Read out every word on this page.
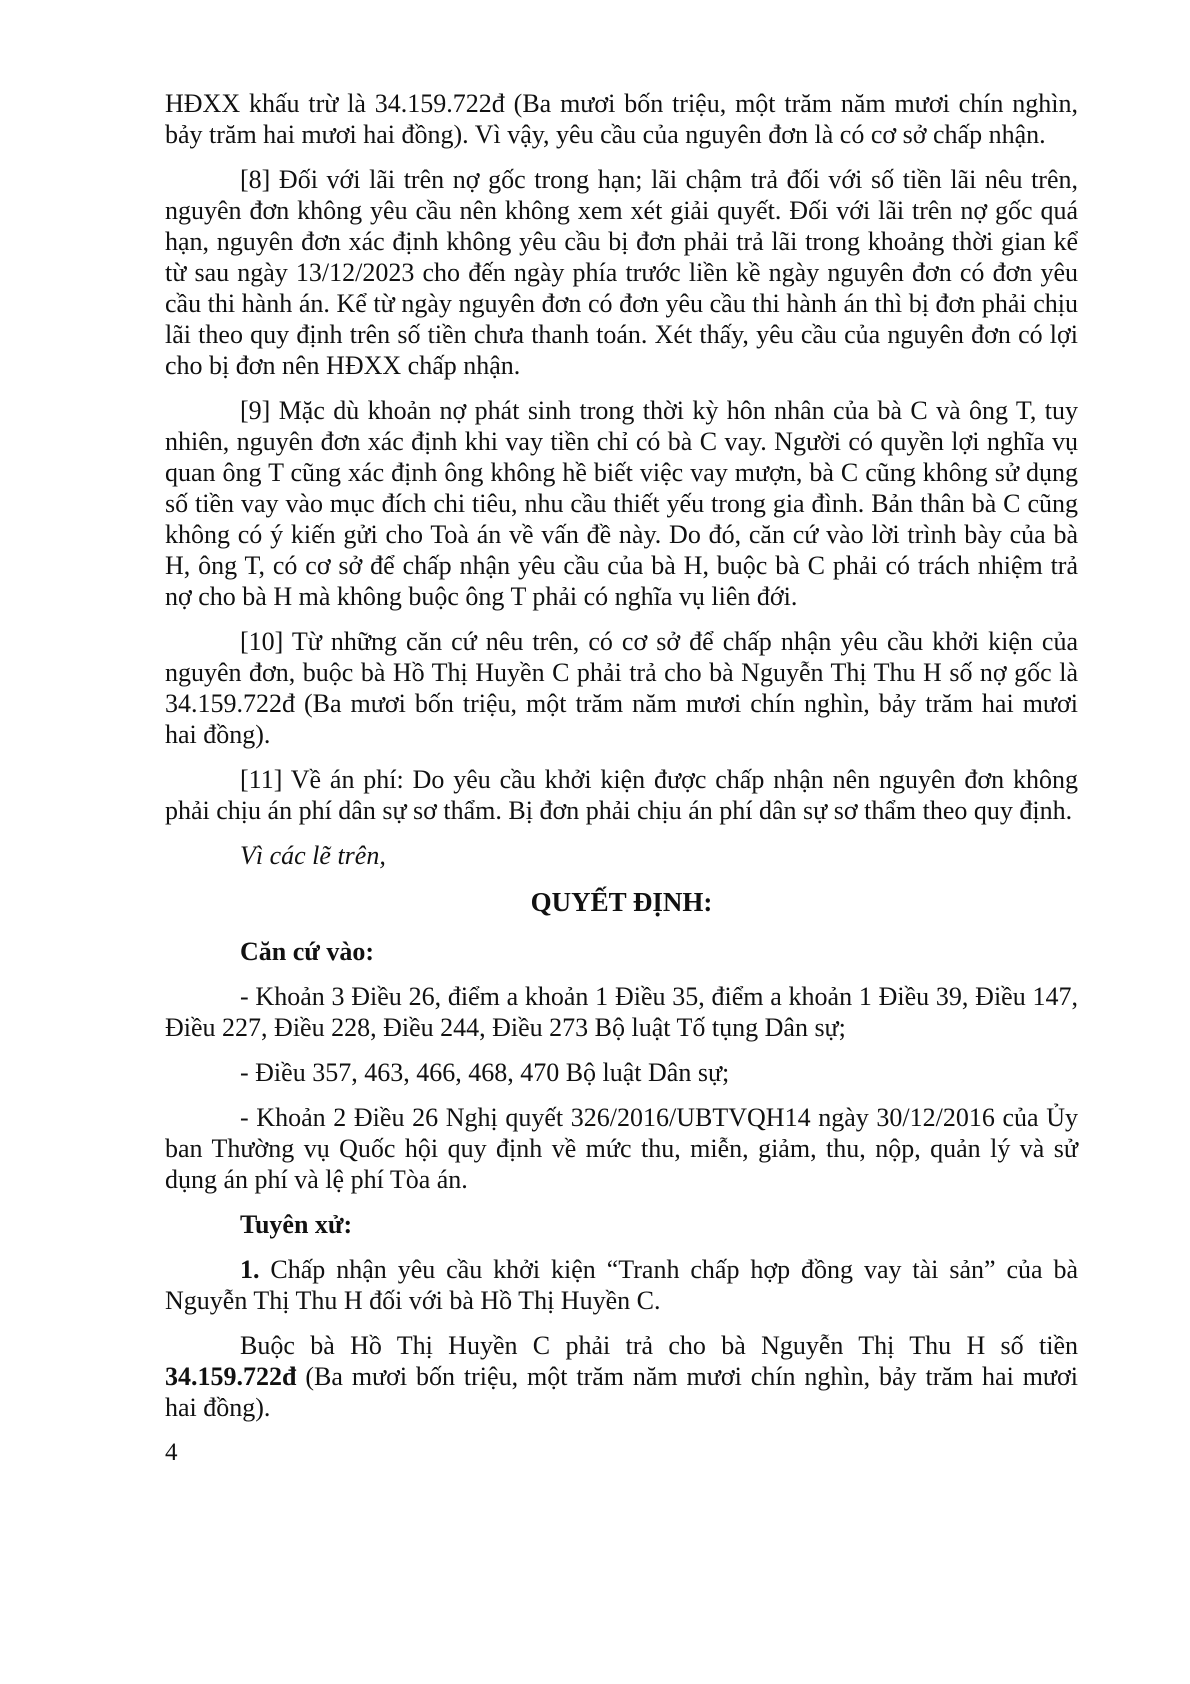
HĐXX khấu trừ là 34.159.722đ (Ba mươi bốn triệu, một trăm năm mươi chín nghìn, bảy trăm hai mươi hai đồng). Vì vậy, yêu cầu của nguyên đơn là có cơ sở chấp nhận.

[8] Đối với lãi trên nợ gốc trong hạn; lãi chậm trả đối với số tiền lãi nêu trên, nguyên đơn không yêu cầu nên không xem xét giải quyết. Đối với lãi trên nợ gốc quá hạn, nguyên đơn xác định không yêu cầu bị đơn phải trả lãi trong khoảng thời gian kể từ sau ngày 13/12/2023 cho đến ngày phía trước liền kề ngày nguyên đơn có đơn yêu cầu thi hành án. Kể từ ngày nguyên đơn có đơn yêu cầu thi hành án thì bị đơn phải chịu lãi theo quy định trên số tiền chưa thanh toán. Xét thấy, yêu cầu của nguyên đơn có lợi cho bị đơn nên HĐXX chấp nhận.

[9] Mặc dù khoản nợ phát sinh trong thời kỳ hôn nhân của bà C và ông T, tuy nhiên, nguyên đơn xác định khi vay tiền chỉ có bà C vay. Người có quyền lợi nghĩa vụ quan ông T cũng xác định ông không hề biết việc vay mượn, bà C cũng không sử dụng số tiền vay vào mục đích chi tiêu, nhu cầu thiết yếu trong gia đình. Bản thân bà C cũng không có ý kiến gửi cho Toà án về vấn đề này. Do đó, căn cứ vào lời trình bày của bà H, ông T, có cơ sở để chấp nhận yêu cầu của bà H, buộc bà C phải có trách nhiệm trả nợ cho bà H mà không buộc ông T phải có nghĩa vụ liên đới.

[10] Từ những căn cứ nêu trên, có cơ sở để chấp nhận yêu cầu khởi kiện của nguyên đơn, buộc bà Hồ Thị Huyền C phải trả cho bà Nguyễn Thị Thu H số nợ gốc là 34.159.722đ (Ba mươi bốn triệu, một trăm năm mươi chín nghìn, bảy trăm hai mươi hai đồng).

[11] Về án phí: Do yêu cầu khởi kiện được chấp nhận nên nguyên đơn không phải chịu án phí dân sự sơ thẩm. Bị đơn phải chịu án phí dân sự sơ thẩm theo quy định.

Vì các lẽ trên,

QUYẾT ĐỊNH:

Căn cứ vào:

- Khoản 3 Điều 26, điểm a khoản 1 Điều 35, điểm a khoản 1 Điều 39, Điều 147, Điều 227, Điều 228, Điều 244, Điều 273 Bộ luật Tố tụng Dân sự;

- Điều 357, 463, 466, 468, 470 Bộ luật Dân sự;

- Khoản 2 Điều 26 Nghị quyết 326/2016/UBTVQH14 ngày 30/12/2016 của Ủy ban Thường vụ Quốc hội quy định về mức thu, miễn, giảm, thu, nộp, quản lý và sử dụng án phí và lệ phí Tòa án.

Tuyên xử:

1. Chấp nhận yêu cầu khởi kiện “Tranh chấp hợp đồng vay tài sản” của bà Nguyễn Thị Thu H đối với bà Hồ Thị Huyền C.

Buộc bà Hồ Thị Huyền C phải trả cho bà Nguyễn Thị Thu H số tiền 34.159.722đ (Ba mươi bốn triệu, một trăm năm mươi chín nghìn, bảy trăm hai mươi hai đồng).

4
